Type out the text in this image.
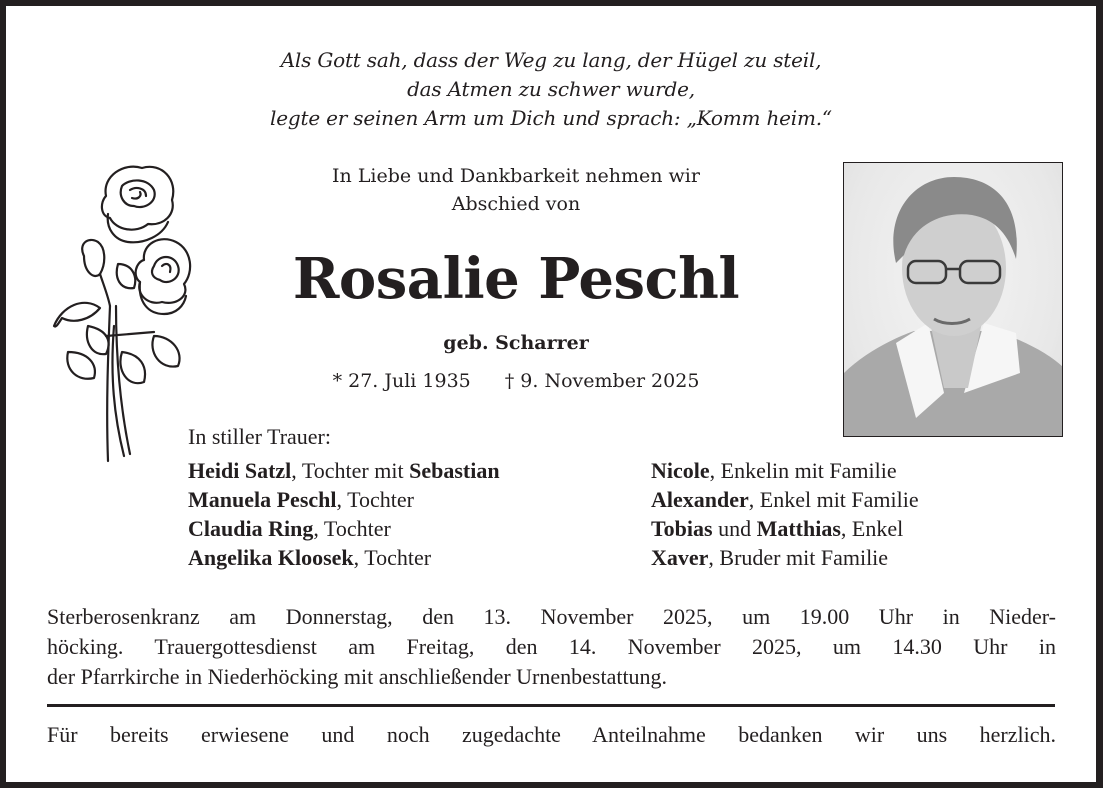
Als Gott sah, dass der Weg zu lang, der Hügel zu steil,
das Atmen zu schwer wurde,
legte er seinen Arm um Dich und sprach: „Komm heim.“
In Liebe und Dankbarkeit nehmen wir
Abschied von
Rosalie Peschl
geb. Scharrer
* 27. Juli 1935 † 9. November 2025
In stiller Trauer:
Heidi Satzl, Tochter mit Sebastian
Manuela Peschl, Tochter
Claudia Ring, Tochter
Angelika Kloosek, Tochter
Nicole, Enkelin mit Familie
Alexander, Enkel mit Familie
Tobias und Matthias, Enkel
Xaver, Bruder mit Familie
Sterberosenkranz am Donnerstag, den 13. November 2025, um 19.00 Uhr in Nieder-
höcking. Trauergottesdienst am Freitag, den 14. November 2025, um 14.30 Uhr in
der Pfarrkirche in Niederhöcking mit anschließender Urnenbestattung.
Für bereits erwiesene und noch zugedachte Anteilnahme bedanken wir uns herzlich.
